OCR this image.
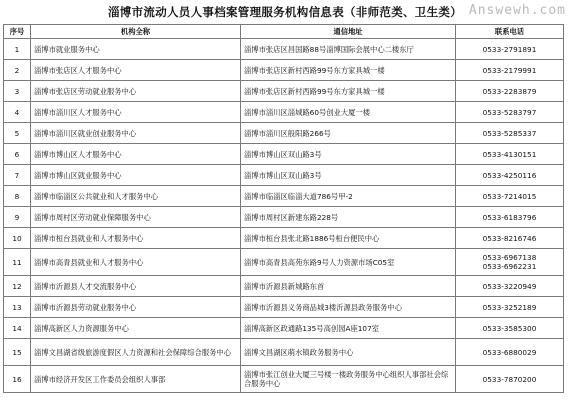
淄博市流动人员人事档案管理服务机构信息表（非师范类、卫生类） Answewh.com
序号	机构全称	通信地址	联系电话
1	淄博市就业服务中心	淄博市张店区昌国路88号淄博国际会展中心二楼东厅	0533-2791891
2	淄博市张店区人才服务中心	淄博市张店区新村西路99号东方家具城一楼	0533-2179991
3	淄博市张店区劳动就业服务中心	淄博市张店区新村西路99号东方家具城一楼	0533-2283879
4	淄博市淄川区人才服务中心	淄博市淄川区淄城路60号创业大厦一楼	0533-5283797
5	淄博市淄川区就业创业服务中心	淄博市淄川区般阳路266号	0533-5285337
6	淄博市博山区人才服务中心	淄博市博山区双山路3号	0533-4130151
7	淄博市博山区就业服务中心	淄博市博山区双山路3号	0533-4250116
8	淄博市临淄区公共就业和人才服务中心	淄博市临淄区临淄大道786号甲-2	0533-7214015
9	淄博市周村区劳动就业保障服务中心	淄博市周村区新建东路228号	0533-6183796
10	淄博市桓台县就业和人才服务中心	淄博市桓台县张北路1886号桓台便民中心	0533-8216746
11	淄博市高青县就业和人才服务中心	淄博市高青县高苑东路9号人力资源市场C05室	0533-6967138
0533-6962231
12	淄博市沂源县人才交流服务中心	淄博市沂源县新城路东首	0533-3220949
13	淄博市沂源县劳动就业服务中心	淄博市沂源县义务商品城3楼沂源县政务服务中心	0533-3252189
14	淄博高新区人力资源服务中心	淄博高新区政通路135号高创园A座107室	0533-3585300
15	淄博文昌湖省级旅游度假区人力资源和社会保障综合服务中心	淄博文昌湖区萌水镇政务服务中心	0533-6880029
16	淄博市经济开发区工作委员会组织人事部	淄博市张江创业大厦三号楼一楼政务服务中心组织人事部社会综合服务中心	0533-7870200
